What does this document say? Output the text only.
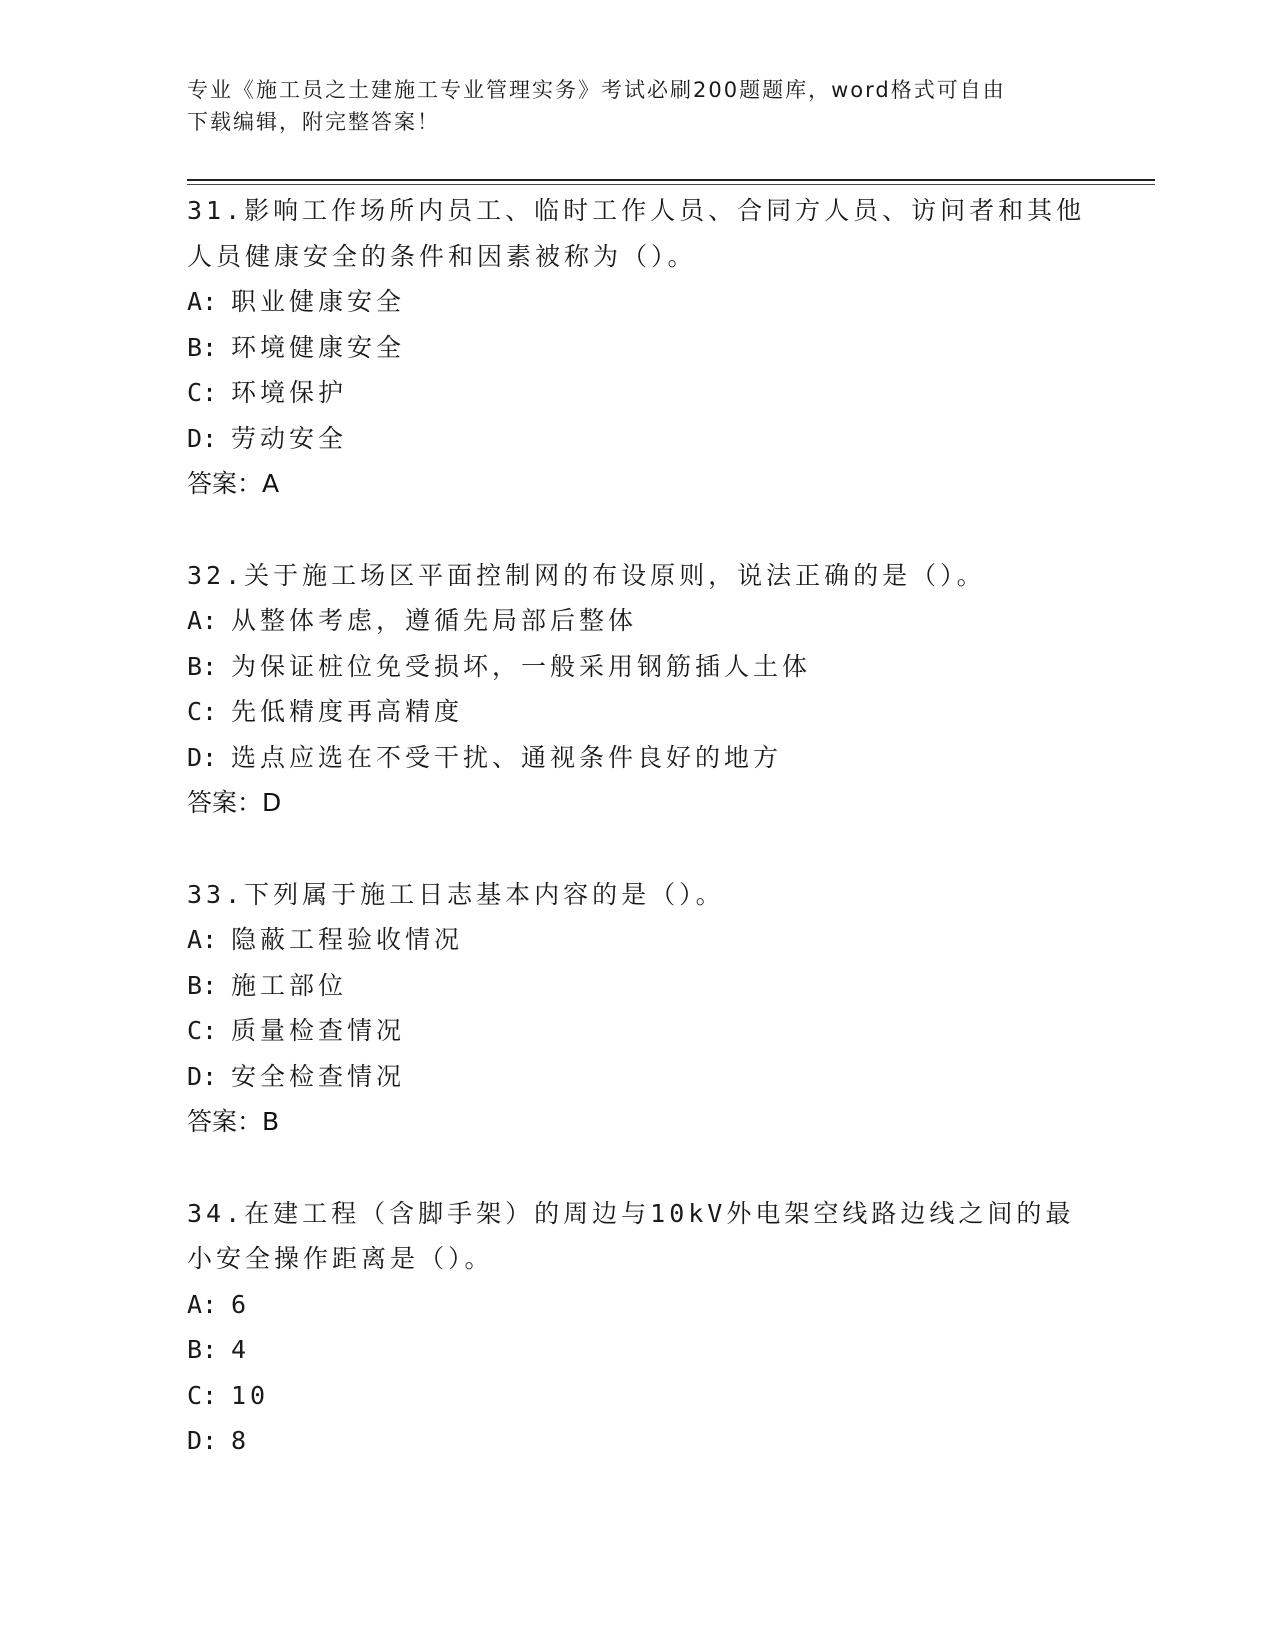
专业《施工员之土建施工专业管理实务》考试必刷200题题库，word格式可自由
下载编辑，附完整答案！

31.影响工作场所内员工、临时工作人员、合同方人员、访问者和其他人员健康安全的条件和因素被称为（）。

A: 职业健康安全

B: 环境健康安全

C: 环境保护

D: 劳动安全

答案：A

32.关于施工场区平面控制网的布设原则，说法正确的是（）。

A: 从整体考虑，遵循先局部后整体

B: 为保证桩位免受损坏，一般采用钢筋插人土体

C: 先低精度再高精度

D: 选点应选在不受干扰、通视条件良好的地方

答案：D

33.下列属于施工日志基本内容的是（）。

A: 隐蔽工程验收情况

B: 施工部位

C: 质量检查情况

D: 安全检查情况

答案：B

34.在建工程（含脚手架）的周边与10kV外电架空线路边线之间的最小安全操作距离是（）。

A: 6

B: 4

C: 10

D: 8
